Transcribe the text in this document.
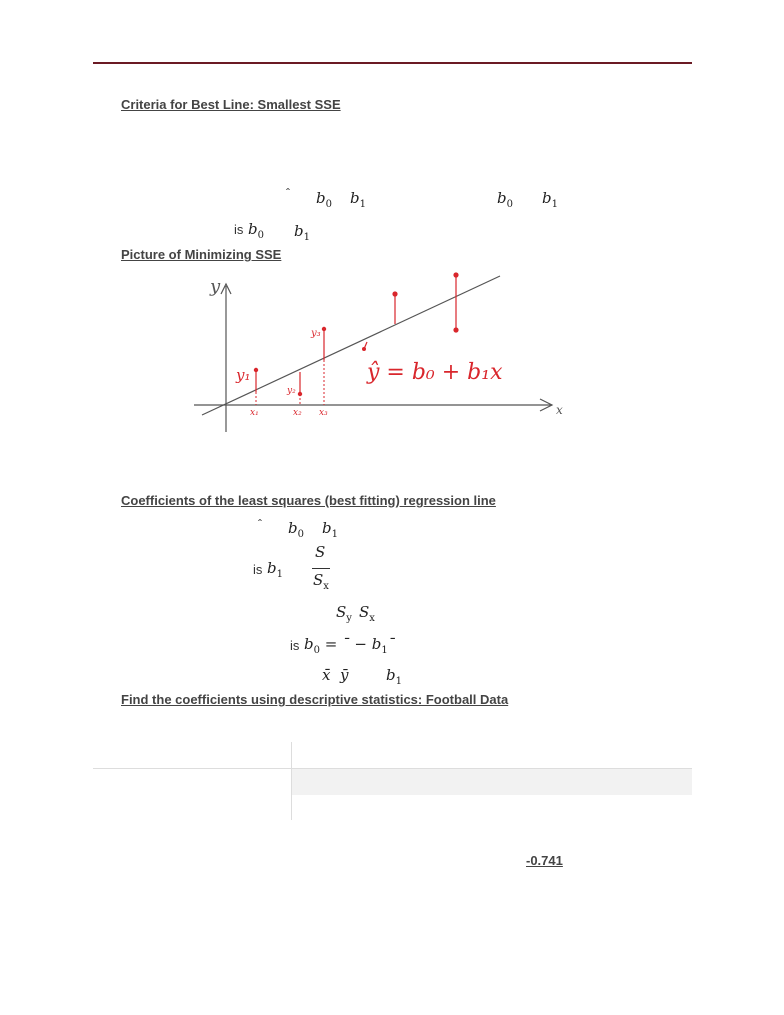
Criteria for Best Line: Smallest SSE
ˆ $b_0$ $b_1$	$b_0$ $b_1$
is $b_0$ $b_1$
Picture of Minimizing SSE
y
x
y₁
y₂
y₃
x₁	x₂ x₃
ŷ = b₀ + b₁x
Coefficients of the least squares (best fitting) regression line
ˆ $b_0$ $b_1$
is $b_1$
S
$S_x$
$S_y$ $S_x$
is $b_0$ = ¯ − $b_1¯$
x̄ ȳ	$b_1$
Find the coefficients using descriptive statistics: Football Data
-0.741
